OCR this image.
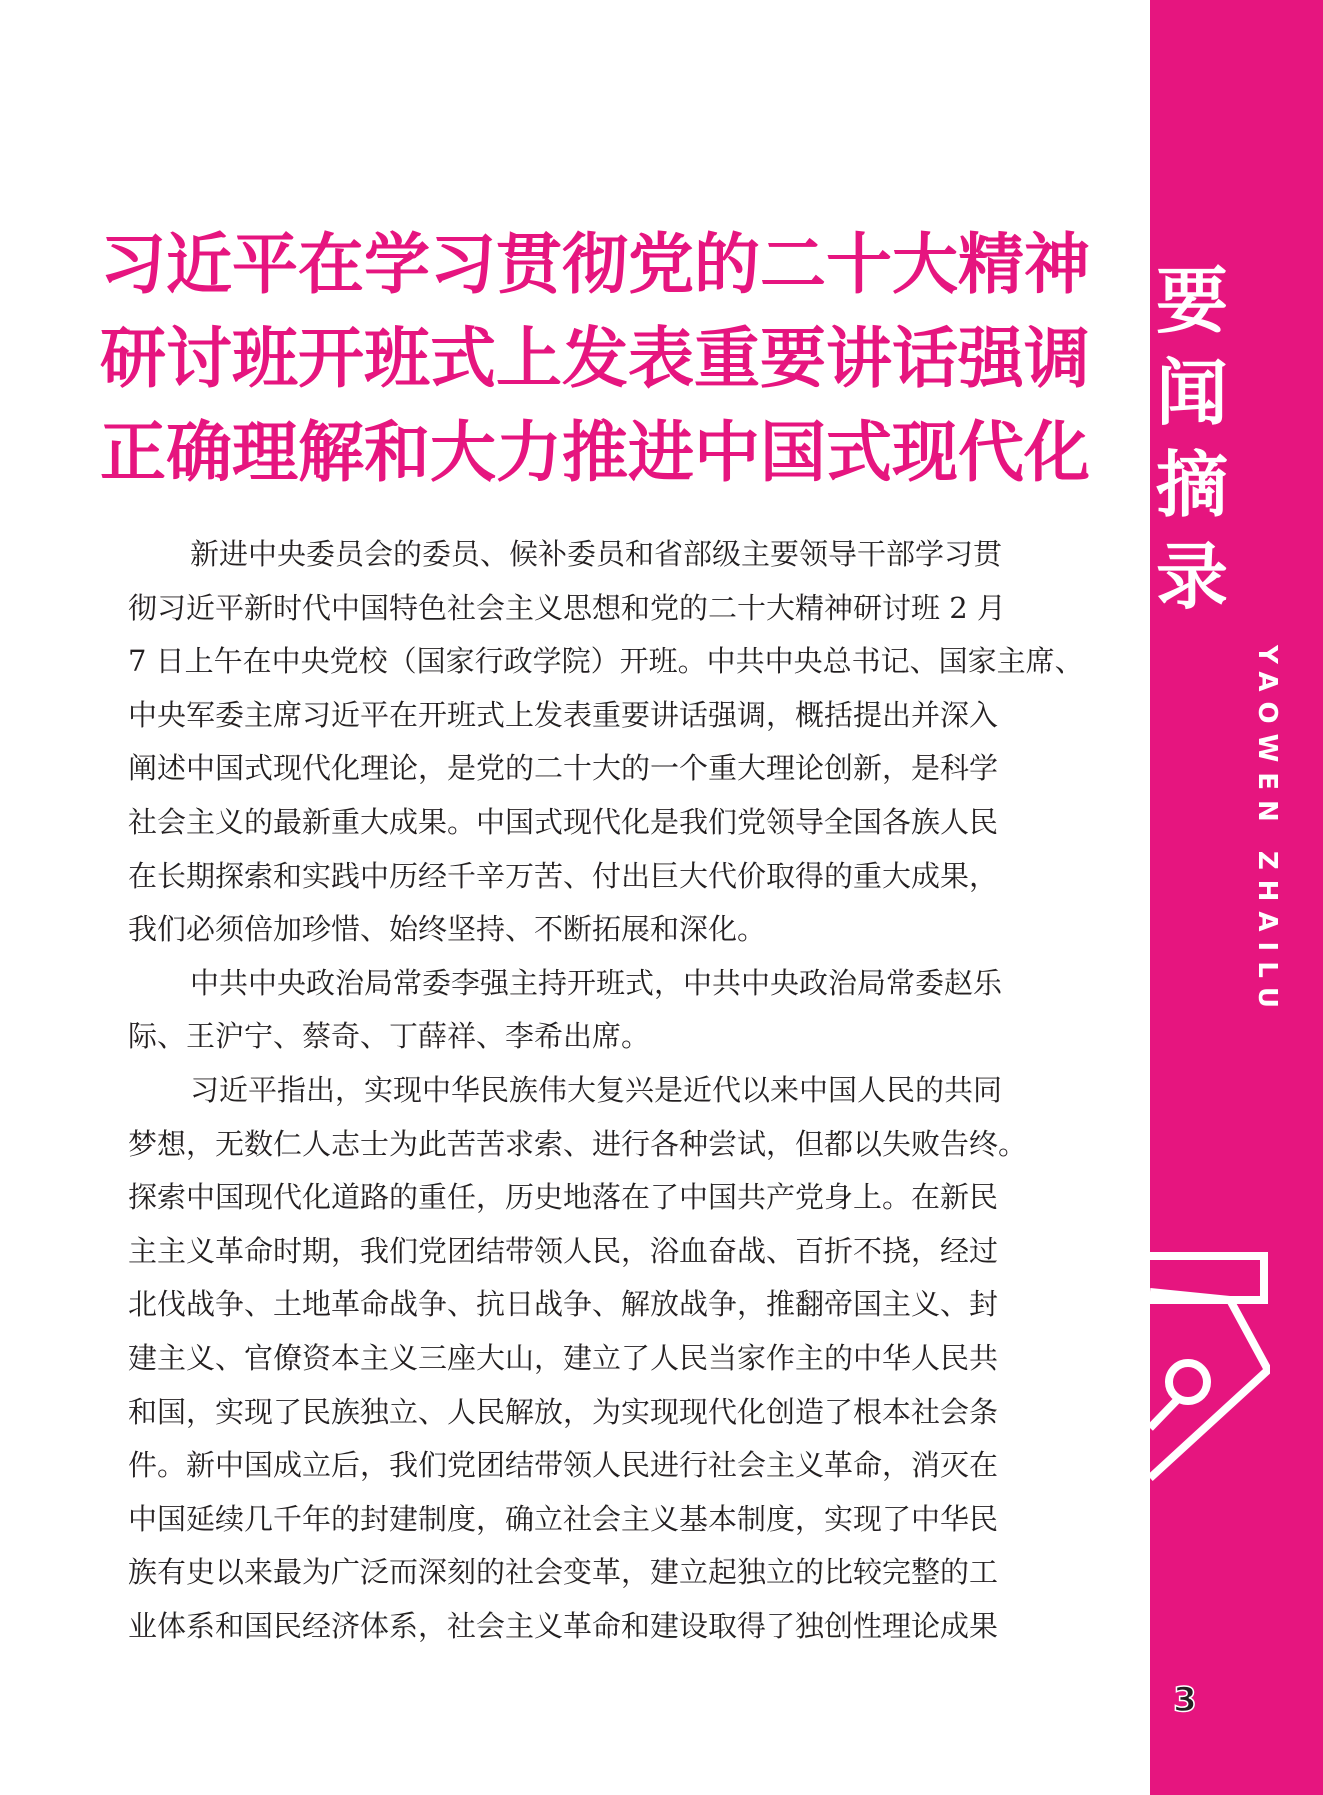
习近平在学习贯彻党的二十大精神
研讨班开班式上发表重要讲话强调
正确理解和大力推进中国式现代化
新进中央委员会的委员、候补委员和省部级主要领导干部学习贯
彻习近平新时代中国特色社会主义思想和党的二十大精神研讨班 2 月
7 日上午在中央党校（国家行政学院）开班。中共中央总书记、国家主席、
中央军委主席习近平在开班式上发表重要讲话强调，概括提出并深入
阐述中国式现代化理论，是党的二十大的一个重大理论创新，是科学
社会主义的最新重大成果。中国式现代化是我们党领导全国各族人民
在长期探索和实践中历经千辛万苦、付出巨大代价取得的重大成果，
我们必须倍加珍惜、始终坚持、不断拓展和深化。
中共中央政治局常委李强主持开班式，中共中央政治局常委赵乐
际、王沪宁、蔡奇、丁薛祥、李希出席。
习近平指出，实现中华民族伟大复兴是近代以来中国人民的共同
梦想，无数仁人志士为此苦苦求索、进行各种尝试，但都以失败告终。
探索中国现代化道路的重任，历史地落在了中国共产党身上。在新民
主主义革命时期，我们党团结带领人民，浴血奋战、百折不挠，经过
北伐战争、土地革命战争、抗日战争、解放战争，推翻帝国主义、封
建主义、官僚资本主义三座大山，建立了人民当家作主的中华人民共
和国，实现了民族独立、人民解放，为实现现代化创造了根本社会条
件。新中国成立后，我们党团结带领人民进行社会主义革命，消灭在
中国延续几千年的封建制度，确立社会主义基本制度，实现了中华民
族有史以来最为广泛而深刻的社会变革，建立起独立的比较完整的工
业体系和国民经济体系，社会主义革命和建设取得了独创性理论成果
要
闻
摘
录
YAOWEN ZHAILU
3
